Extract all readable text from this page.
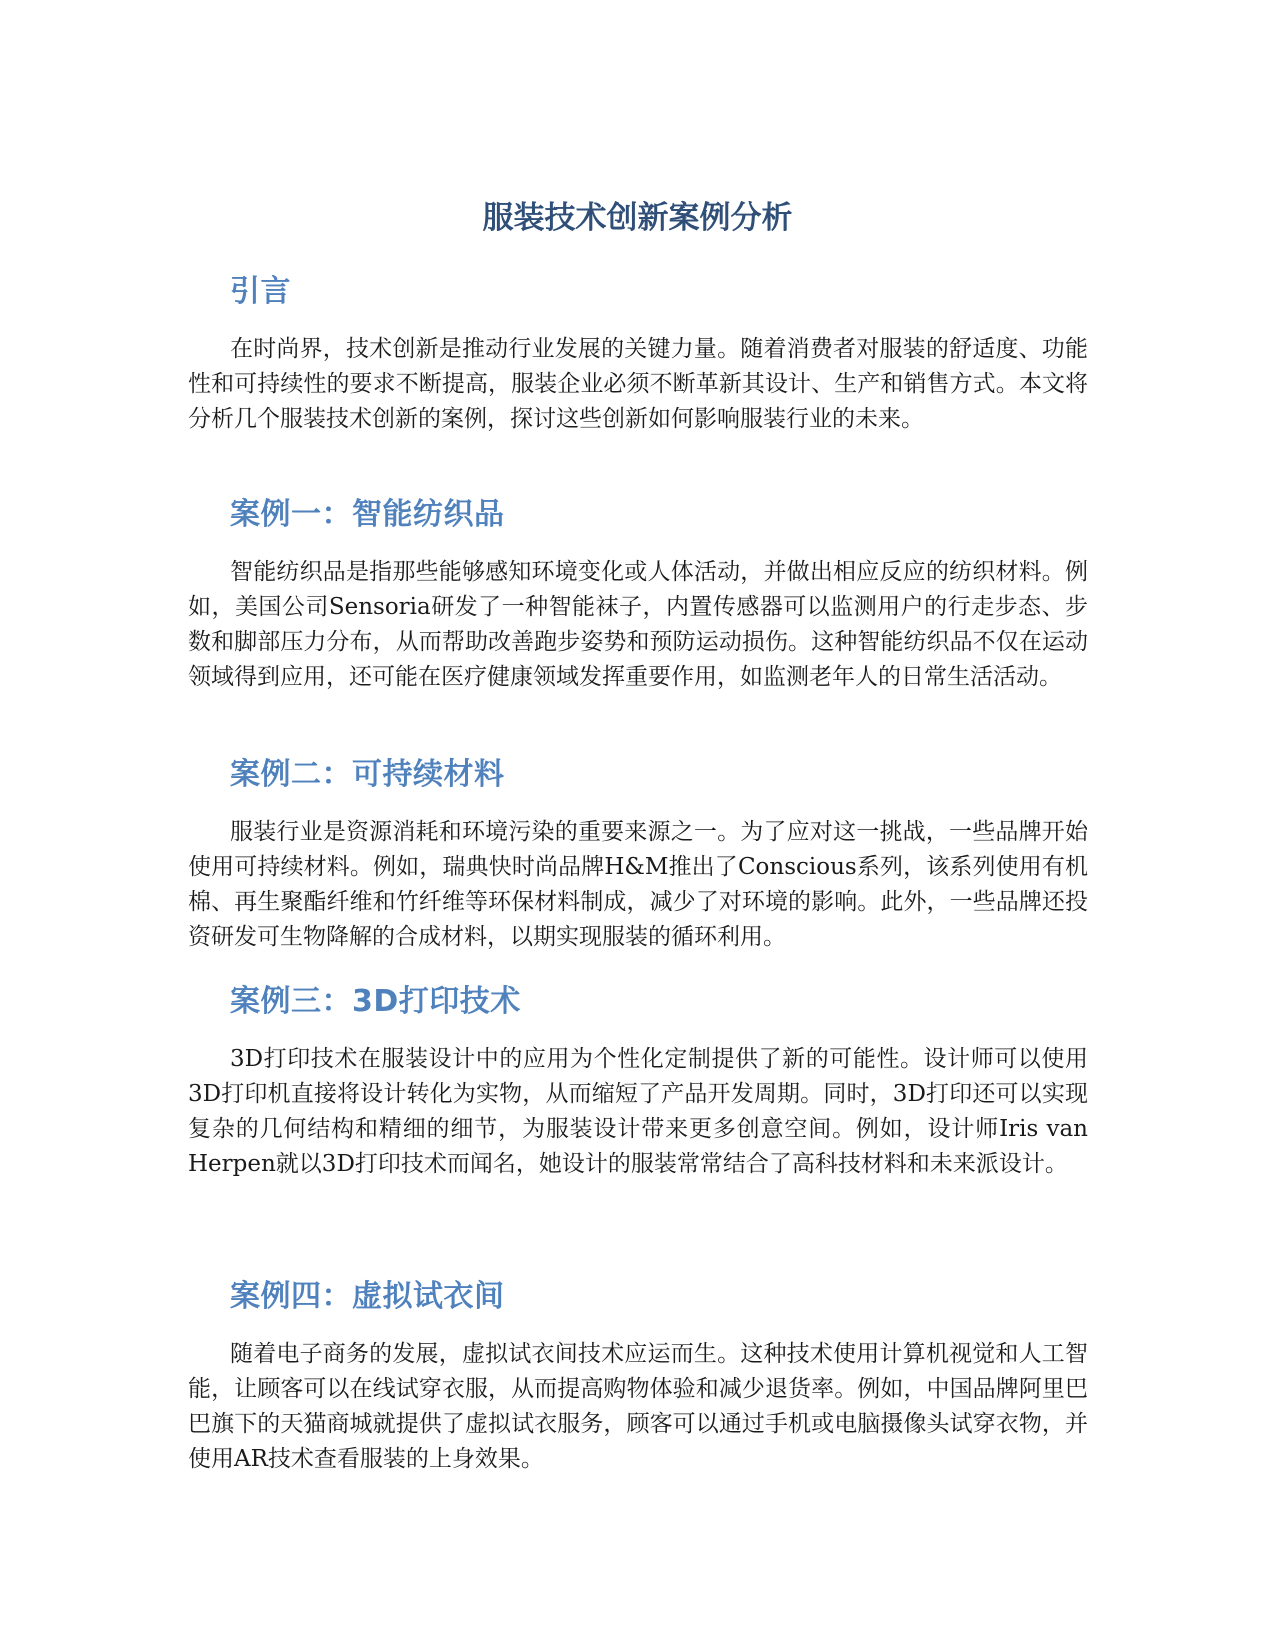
服装技术创新案例分析
引言

在时尚界，技术创新是推动行业发展的关键力量。随着消费者对服装的舒适度、功能性和可持续性的要求不断提高，服装企业必须不断革新其设计、生产和销售方式。本文将分析几个服装技术创新的案例，探讨这些创新如何影响服装行业的未来。

案例一：智能纺织品

智能纺织品是指那些能够感知环境变化或人体活动，并做出相应反应的纺织材料。例如，美国公司Sensoria研发了一种智能袜子，内置传感器可以监测用户的行走步态、步数和脚部压力分布，从而帮助改善跑步姿势和预防运动损伤。这种智能纺织品不仅在运动领域得到应用，还可能在医疗健康领域发挥重要作用，如监测老年人的日常生活活动。

案例二：可持续材料

服装行业是资源消耗和环境污染的重要来源之一。为了应对这一挑战，一些品牌开始使用可持续材料。例如，瑞典快时尚品牌H&M推出了Conscious系列，该系列使用有机棉、再生聚酯纤维和竹纤维等环保材料制成，减少了对环境的影响。此外，一些品牌还投资研发可生物降解的合成材料，以期实现服装的循环利用。

案例三：3D打印技术

3D打印技术在服装设计中的应用为个性化定制提供了新的可能性。设计师可以使用3D打印机直接将设计转化为实物，从而缩短了产品开发周期。同时，3D打印还可以实现复杂的几何结构和精细的细节，为服装设计带来更多创意空间。例如，设计师Iris van Herpen就以3D打印技术而闻名，她设计的服装常常结合了高科技材料和未来派设计。

案例四：虚拟试衣间

随着电子商务的发展，虚拟试衣间技术应运而生。这种技术使用计算机视觉和人工智能，让顾客可以在线试穿衣服，从而提高购物体验和减少退货率。例如，中国品牌阿里巴巴旗下的天猫商城就提供了虚拟试衣服务，顾客可以通过手机或电脑摄像头试穿衣物，并使用AR技术查看服装的上身效果。
